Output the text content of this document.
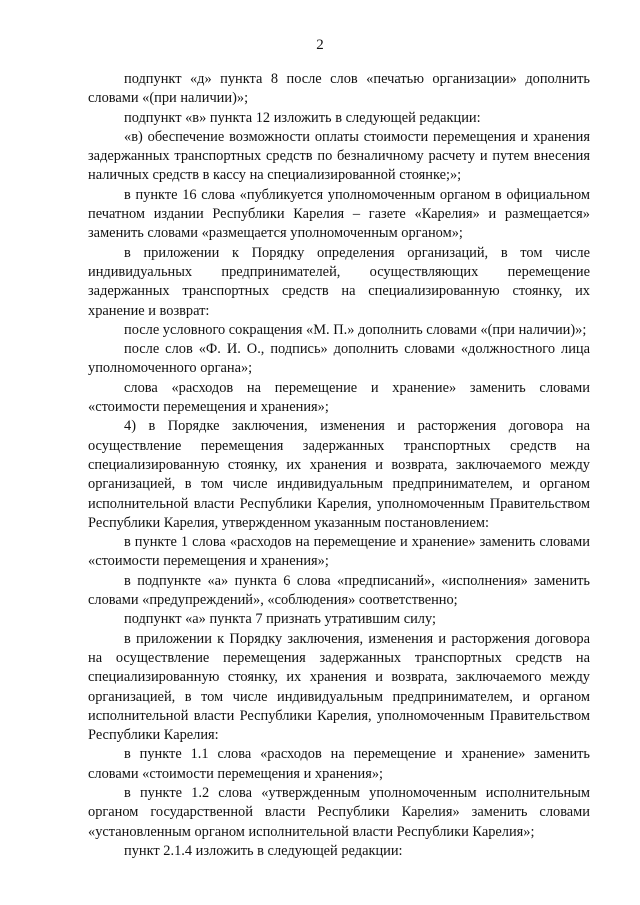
2

подпункт «д» пункта 8 после слов «печатью организации» дополнить словами «(при наличии)»;

подпункт «в» пункта 12 изложить в следующей редакции:

«в) обеспечение возможности оплаты стоимости перемещения и хранения задержанных транспортных средств по безналичному расчету и путем внесения наличных средств в кассу на специализированной стоянке;»;

в пункте 16 слова «публикуется уполномоченным органом в официальном печатном издании Республики Карелия – газете «Карелия» и размещается» заменить словами «размещается уполномоченным органом»;

в приложении к Порядку определения организаций, в том числе индивидуальных предпринимателей, осуществляющих перемещение задержанных транспортных средств на специализированную стоянку, их хранение и возврат:

после условного сокращения «М. П.» дополнить словами «(при наличии)»;

после слов «Ф. И. О., подпись» дополнить словами «должностного лица уполномоченного органа»;

слова «расходов на перемещение и хранение» заменить словами «стоимости перемещения и хранения»;

4) в Порядке заключения, изменения и расторжения договора на осуществление перемещения задержанных транспортных средств на специализированную стоянку, их хранения и возврата, заключаемого между организацией, в том числе индивидуальным предпринимателем, и органом исполнительной власти Республики Карелия, уполномоченным Правительством Республики Карелия, утвержденном указанным постановлением:

в пункте 1 слова «расходов на перемещение и хранение» заменить словами «стоимости перемещения и хранения»;

в подпункте «а» пункта 6 слова «предписаний», «исполнения» заменить словами «предупреждений», «соблюдения» соответственно;

подпункт «а» пункта 7 признать утратившим силу;

в приложении к Порядку заключения, изменения и расторжения договора на осуществление перемещения задержанных транспортных средств на специализированную стоянку, их хранения и возврата, заключаемого между организацией, в том числе индивидуальным предпринимателем, и органом исполнительной власти Республики Карелия, уполномоченным Правительством Республики Карелия:

в пункте 1.1 слова «расходов на перемещение и хранение» заменить словами «стоимости перемещения и хранения»;

в пункте 1.2 слова «утвержденным уполномоченным исполнительным органом государственной власти Республики Карелия» заменить словами «установленным органом исполнительной власти Республики Карелия»;

пункт 2.1.4 изложить в следующей редакции:
